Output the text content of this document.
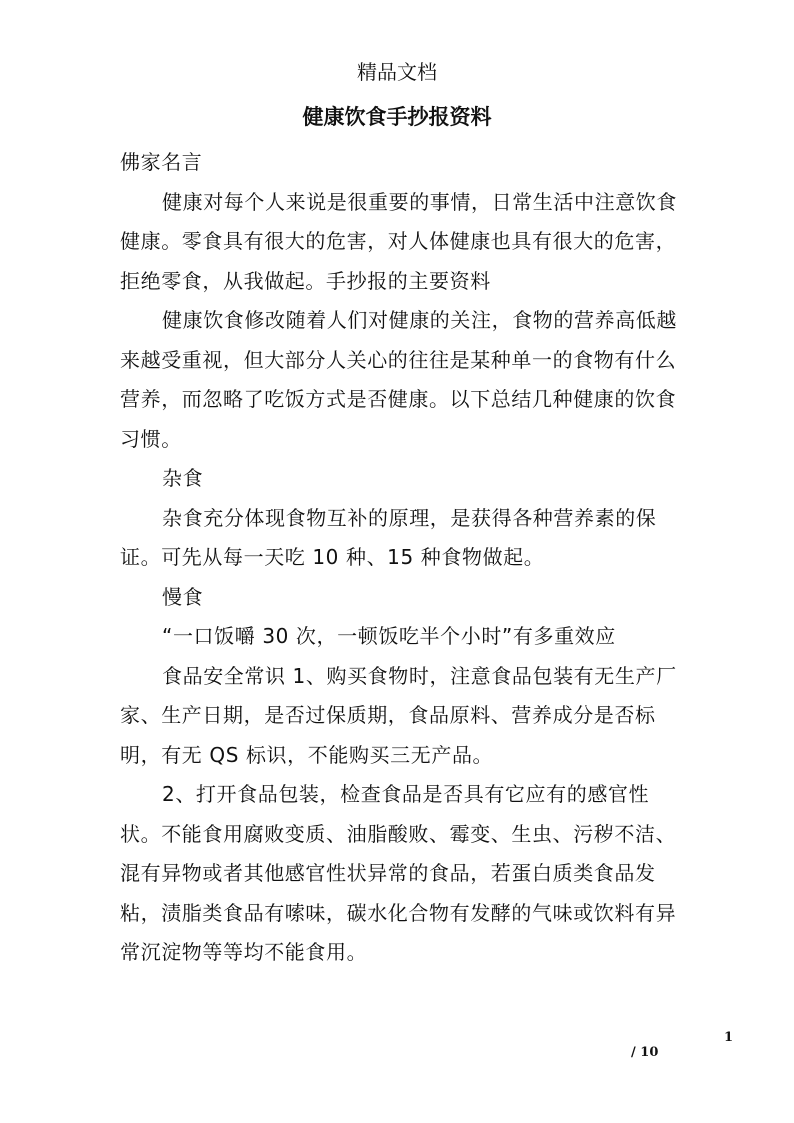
精品文档
健康饮食手抄报资料

佛家名言

健康对每个人来说是很重要的事情，日常生活中注意饮食健康。零食具有很大的危害，对人体健康也具有很大的危害，拒绝零食，从我做起。手抄报的主要资料

健康饮食修改随着人们对健康的关注，食物的营养高低越来越受重视，但大部分人关心的往往是某种单一的食物有什么营养，而忽略了吃饭方式是否健康。以下总结几种健康的饮食习惯。

杂食

杂食充分体现食物互补的原理，是获得各种营养素的保证。可先从每一天吃 10 种、15 种食物做起。

慢食

“一口饭嚼 30 次，一顿饭吃半个小时”有多重效应

食品安全常识 1、购买食物时，注意食品包装有无生产厂家、生产日期，是否过保质期，食品原料、营养成分是否标明，有无 QS 标识，不能购买三无产品。

2、打开食品包装，检查食品是否具有它应有的感官性状。不能食用腐败变质、油脂酸败、霉变、生虫、污秽不洁、混有异物或者其他感官性状异常的食品，若蛋白质类食品发粘，渍脂类食品有嗦味，碳水化合物有发酵的气味或饮料有异常沉淀物等等均不能食用。

1
/ 10
